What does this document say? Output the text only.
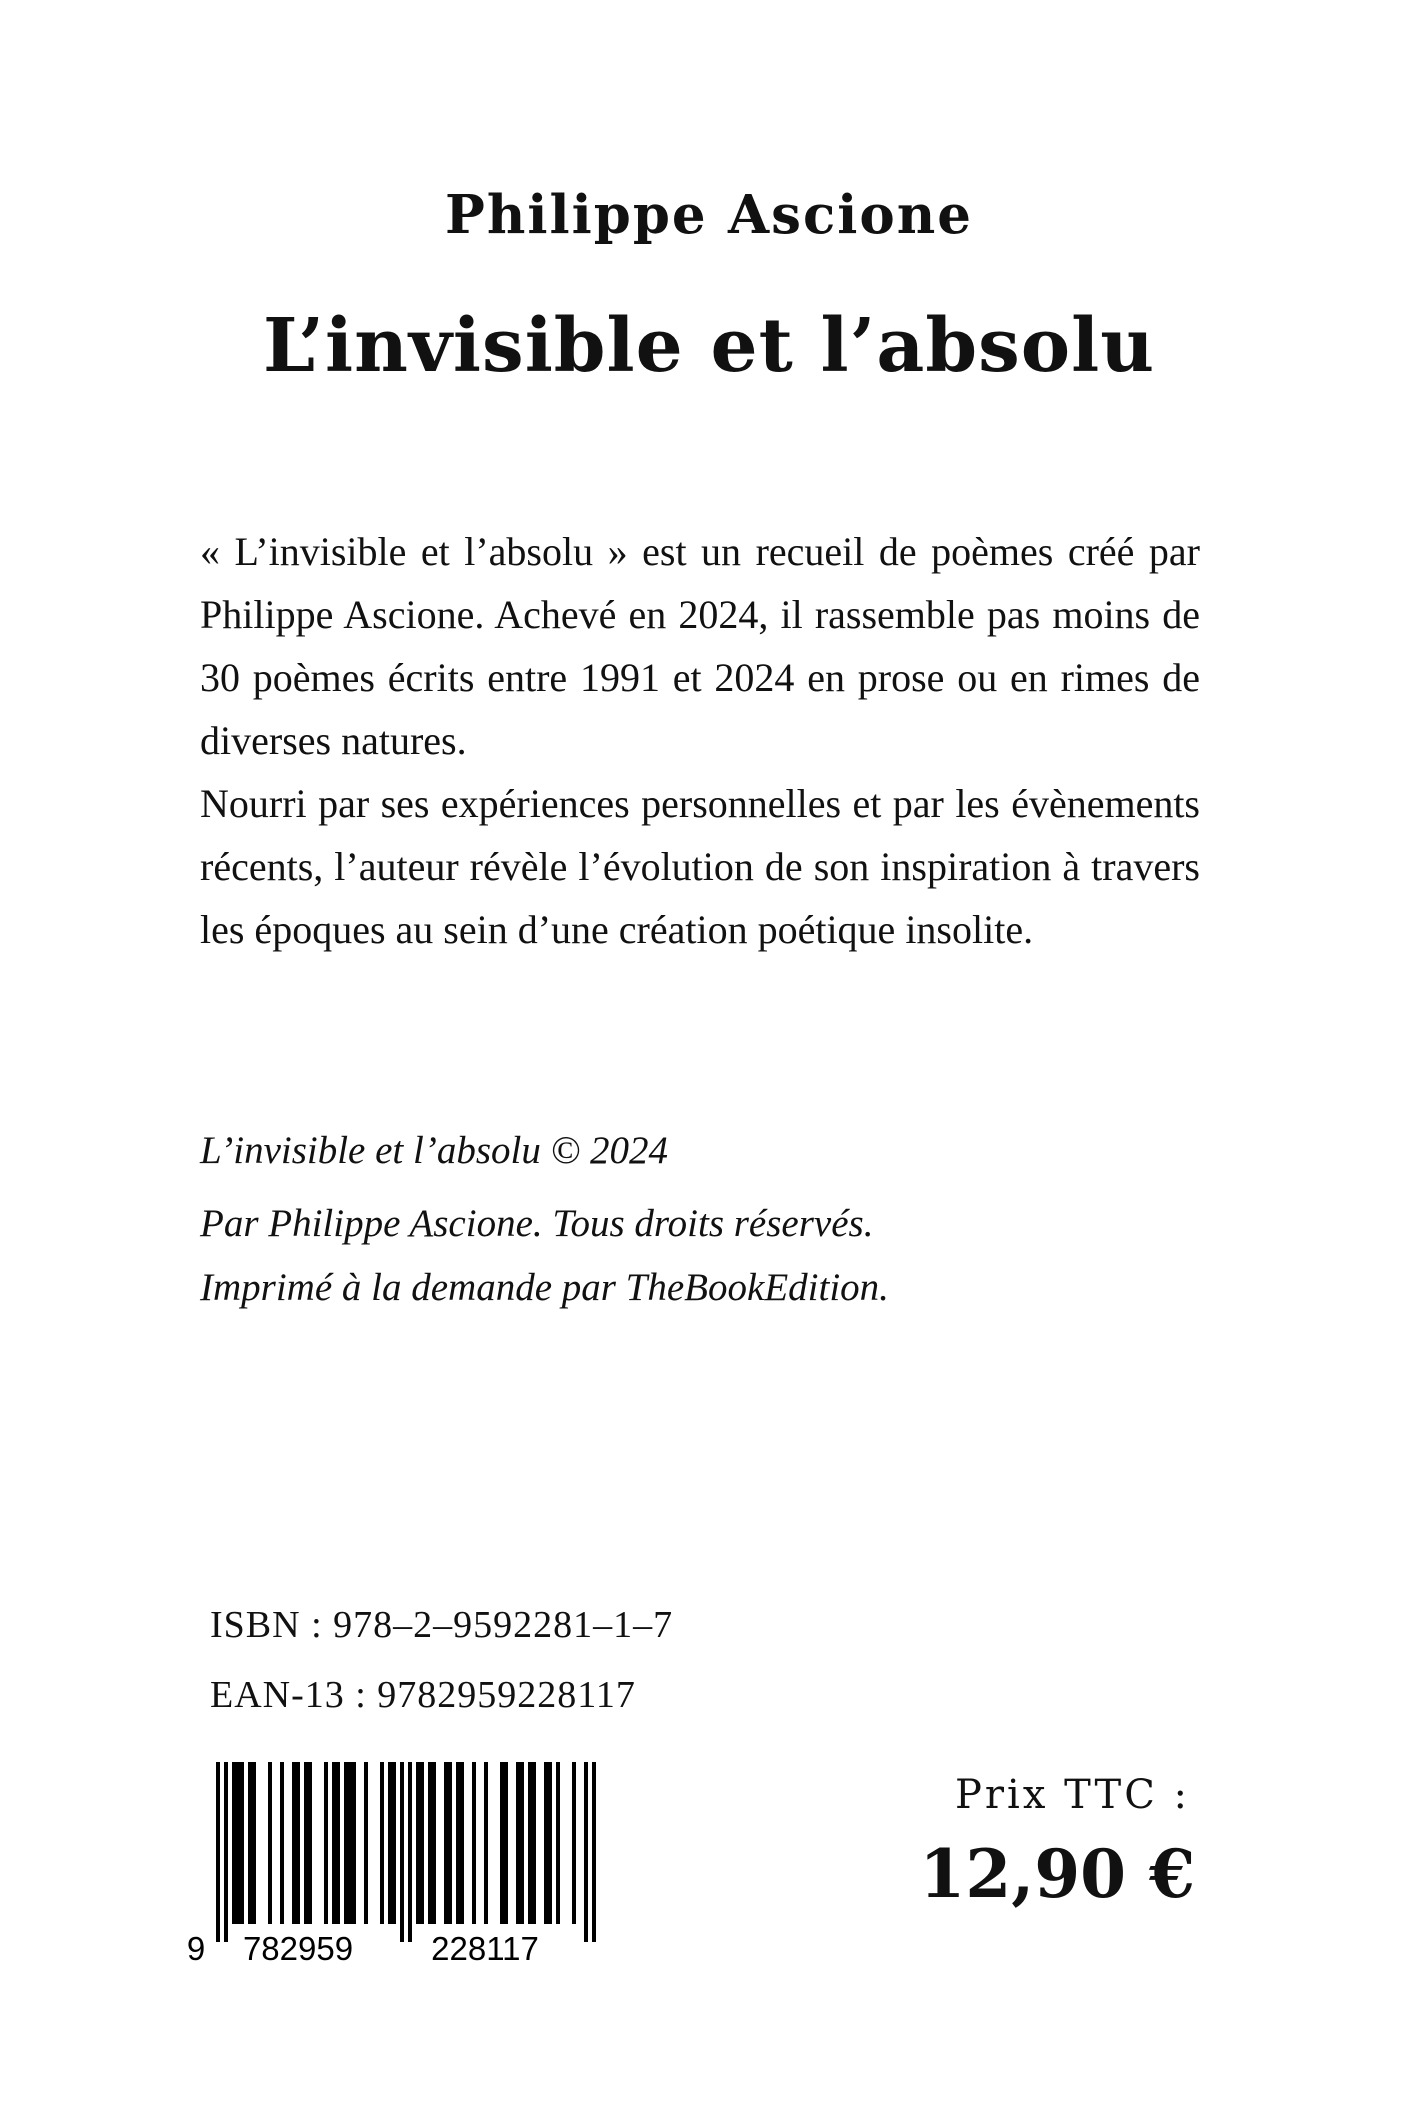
Philippe Ascione
L’invisible et l’absolu

« L’invisible et l’absolu » est un recueil de poèmes créé par Philippe Ascione. Achevé en 2024, il rassemble pas moins de 30 poèmes écrits entre 1991 et 2024 en prose ou en rimes de diverses natures.

Nourri par ses expériences personnelles et par les évènements récents, l’auteur révèle l’évolution de son inspiration à travers les époques au sein d’une création poétique insolite.

L’invisible et l’absolu © 2024
Par Philippe Ascione. Tous droits réservés.
Imprimé à la demande par TheBookEdition.
ISBN : 978–2–9592281–1–7
EAN-13 : 9782959228117
9 782959 228117
Prix TTC :
12,90 €
